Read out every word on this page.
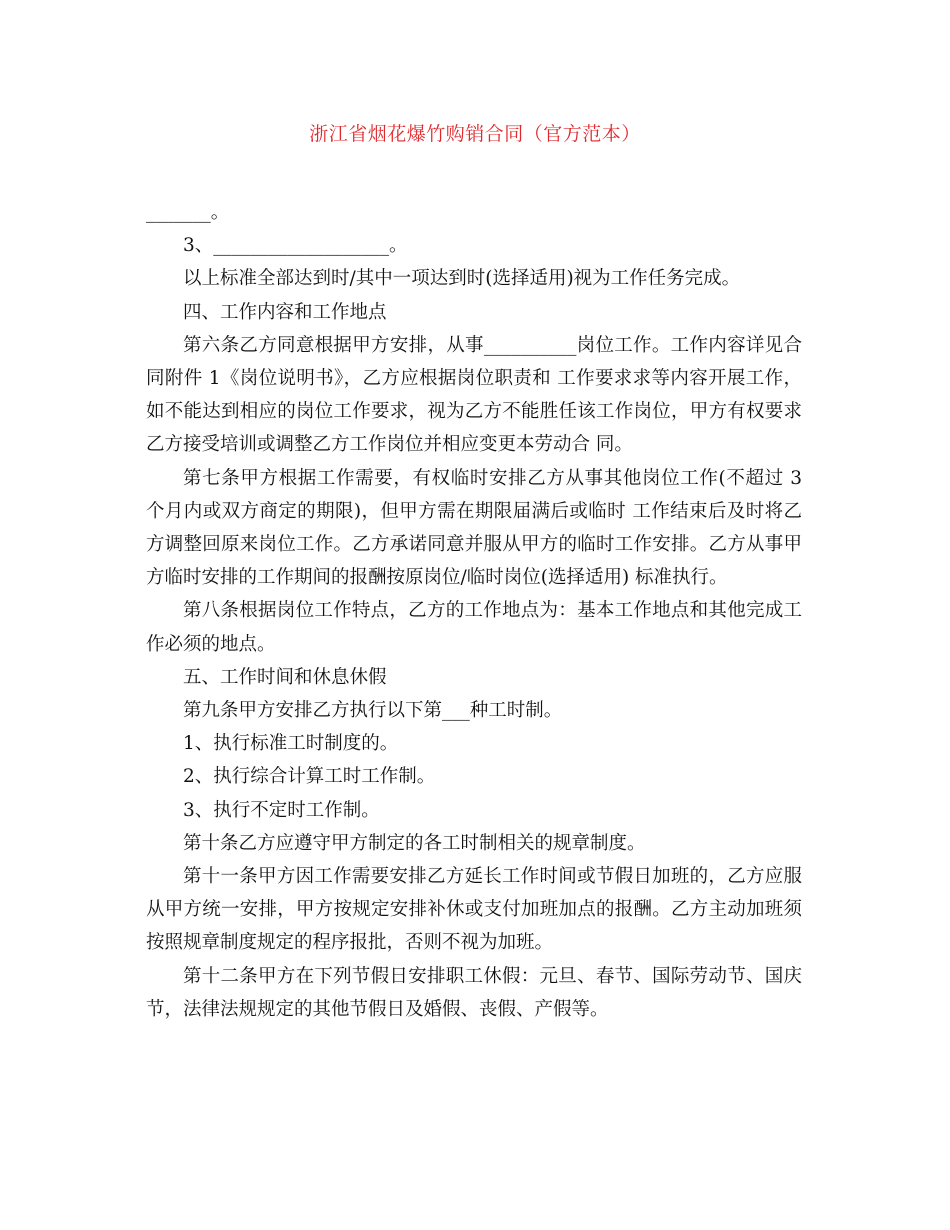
浙江省烟花爆竹购销合同（官方范本）

_______。

3、___________________。

以上标准全部达到时/其中一项达到时(选择适用)视为工作任务完成。

四、工作内容和工作地点

第六条乙方同意根据甲方安排，从事__________岗位工作。工作内容详见合同附件 1《岗位说明书》，乙方应根据岗位职责和 工作要求求等内容开展工作，如不能达到相应的岗位工作要求，视为乙方不能胜任该工作岗位，甲方有权要求乙方接受培训或调整乙方工作岗位并相应变更本劳动合 同。

第七条甲方根据工作需要，有权临时安排乙方从事其他岗位工作(不超过 3 个月内或双方商定的期限)，但甲方需在期限届满后或临时 工作结束后及时将乙方调整回原来岗位工作。乙方承诺同意并服从甲方的临时工作安排。乙方从事甲方临时安排的工作期间的报酬按原岗位/临时岗位(选择适用) 标准执行。

第八条根据岗位工作特点，乙方的工作地点为：基本工作地点和其他完成工作必须的地点。

五、工作时间和休息休假

第九条甲方安排乙方执行以下第___种工时制。

1、执行标准工时制度的。

2、执行综合计算工时工作制。

3、执行不定时工作制。

第十条乙方应遵守甲方制定的各工时制相关的规章制度。

第十一条甲方因工作需要安排乙方延长工作时间或节假日加班的，乙方应服从甲方统一安排，甲方按规定安排补休或支付加班加点的报酬。乙方主动加班须按照规章制度规定的程序报批，否则不视为加班。

第十二条甲方在下列节假日安排职工休假：元旦、春节、国际劳动节、国庆节，法律法规规定的其他节假日及婚假、丧假、产假等。
